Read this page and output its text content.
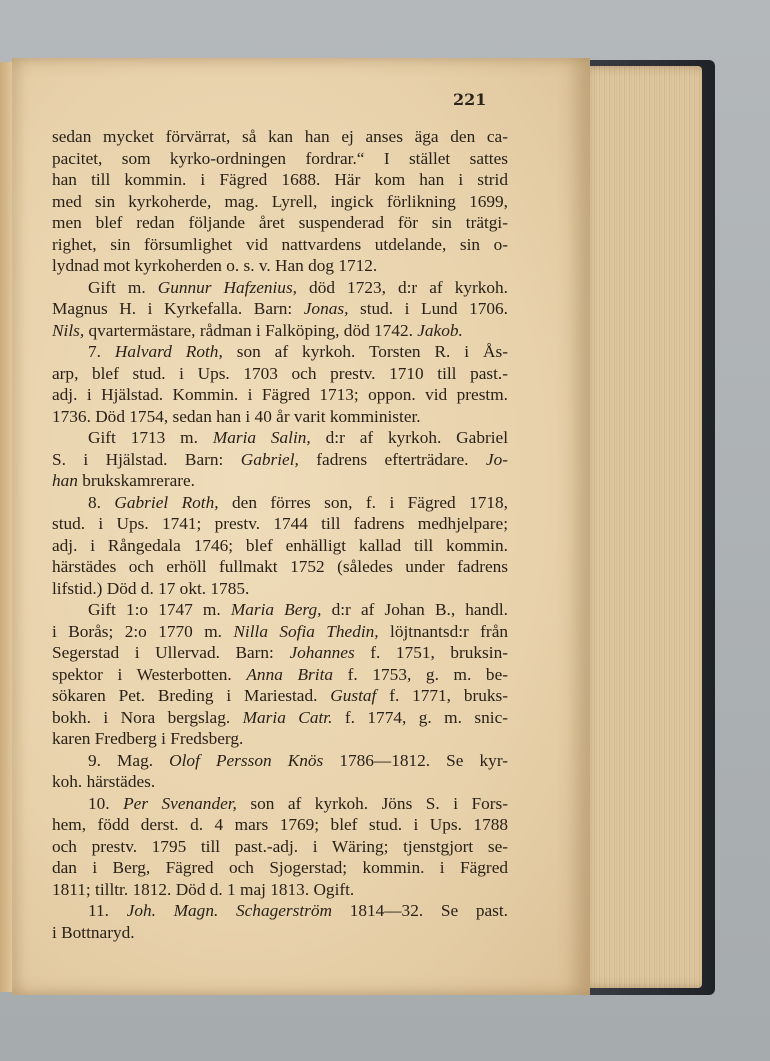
221
sedan mycket förvärrat, så kan han ej anses äga den ca-
pacitet, som kyrko-ordningen fordrar.“ I stället sattes
han till kommin. i Fägred 1688. Här kom han i strid
med sin kyrkoherde, mag. Lyrell, ingick förlikning 1699,
men blef redan följande året suspenderad för sin trätgi-
righet, sin försumlighet vid nattvardens utdelande, sin o-
lydnad mot kyrkoherden o. s. v. Han dog 1712.
Gift m. Gunnur Hafzenius, död 1723, d:r af kyrkoh.
Magnus H. i Kyrkefalla. Barn: Jonas, stud. i Lund 1706.
Nils, qvartermästare, rådman i Falköping, död 1742. Jakob.
7. Halvard Roth, son af kyrkoh. Torsten R. i Ås-
arp, blef stud. i Ups. 1703 och prestv. 1710 till past.-
adj. i Hjälstad. Kommin. i Fägred 1713; oppon. vid prestm.
1736. Död 1754, sedan han i 40 år varit komminister.
Gift 1713 m. Maria Salin, d:r af kyrkoh. Gabriel
S. i Hjälstad. Barn: Gabriel, fadrens efterträdare. Jo-
han brukskamrerare.
8. Gabriel Roth, den förres son, f. i Fägred 1718,
stud. i Ups. 1741; prestv. 1744 till fadrens medhjelpare;
adj. i Rångedala 1746; blef enhälligt kallad till kommin.
härstädes och erhöll fullmakt 1752 (således under fadrens
lifstid.) Död d. 17 okt. 1785.
Gift 1:o 1747 m. Maria Berg, d:r af Johan B., handl.
i Borås; 2:o 1770 m. Nilla Sofia Thedin, löjtnantsd:r från
Segerstad i Ullervad. Barn: Johannes f. 1751, bruksin-
spektor i Westerbotten. Anna Brita f. 1753, g. m. be-
sökaren Pet. Breding i Mariestad. Gustaf f. 1771, bruks-
bokh. i Nora bergslag. Maria Catr. f. 1774, g. m. snic-
karen Fredberg i Fredsberg.
9. Mag. Olof Persson Knös 1786—1812. Se kyr-
koh. härstädes.
10. Per Svenander, son af kyrkoh. Jöns S. i Fors-
hem, född derst. d. 4 mars 1769; blef stud. i Ups. 1788
och prestv. 1795 till past.-adj. i Wäring; tjenstgjort se-
dan i Berg, Fägred och Sjogerstad; kommin. i Fägred
1811; tilltr. 1812. Död d. 1 maj 1813. Ogift.
11. Joh. Magn. Schagerström 1814—32. Se past.
i Bottnaryd.
